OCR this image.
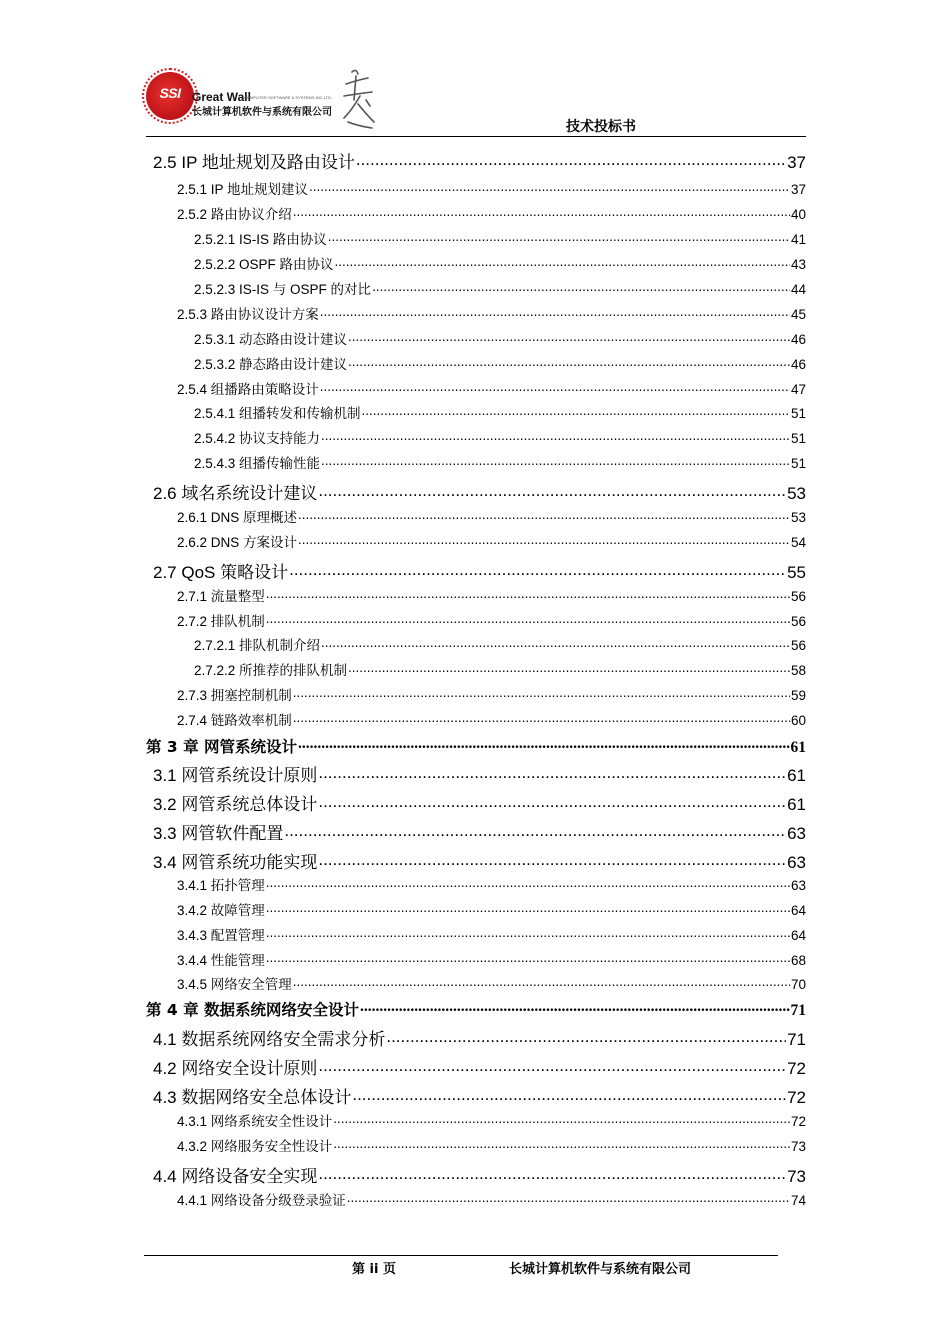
SSI Great Wall
COMPUTER SOFTWARE & SYSTEMS INC.LTD.
长城计算机软件与系统有限公司
技术投标书
2.5 IP 地址规划及路由设计 .....	37
2.5.1 IP 地址规划建议 .....	37
2.5.2 路由协议介绍 .....	40
2.5.2.1 IS-IS 路由协议 .....	41
2.5.2.2 OSPF 路由协议 .....	43
2.5.2.3 IS-IS 与 OSPF 的对比 .....	44
2.5.3 路由协议设计方案 .....	45
2.5.3.1 动态路由设计建议 .....	46
2.5.3.2 静态路由设计建议 .....	46
2.5.4 组播路由策略设计 .....	47
2.5.4.1 组播转发和传输机制 .....	51
2.5.4.2 协议支持能力 .....	51
2.5.4.3 组播传输性能 .....	51
2.6 域名系统设计建议 .....	53
2.6.1 DNS 原理概述 .....	53
2.6.2 DNS 方案设计 .....	54
2.7 QoS 策略设计 .....	55
2.7.1 流量整型 .....	56
2.7.2 排队机制 .....	56
2.7.2.1 排队机制介绍 .....	56
2.7.2.2 所推荐的排队机制 .....	58
2.7.3 拥塞控制机制 .....	59
2.7.4 链路效率机制 .....	60
第 3 章 网管系统设计 .....	61
3.1 网管系统设计原则 .....	61
3.2 网管系统总体设计 .....	61
3.3 网管软件配置 .....	63
3.4 网管系统功能实现 .....	63
3.4.1 拓扑管理 .....	63
3.4.2 故障管理 .....	64
3.4.3 配置管理 .....	64
3.4.4 性能管理 .....	68
3.4.5 网络安全管理 .....	70
第 4 章 数据系统网络安全设计 .....	71
4.1 数据系统网络安全需求分析 .....	71
4.2 网络安全设计原则 .....	72
4.3 数据网络安全总体设计 .....	72
4.3.1 网络系统安全性设计 .....	72
4.3.2 网络服务安全性设计 .....	73
4.4 网络设备安全实现 .....	73
4.4.1 网络设备分级登录验证 .....	74
第 ii 页	长城计算机软件与系统有限公司
